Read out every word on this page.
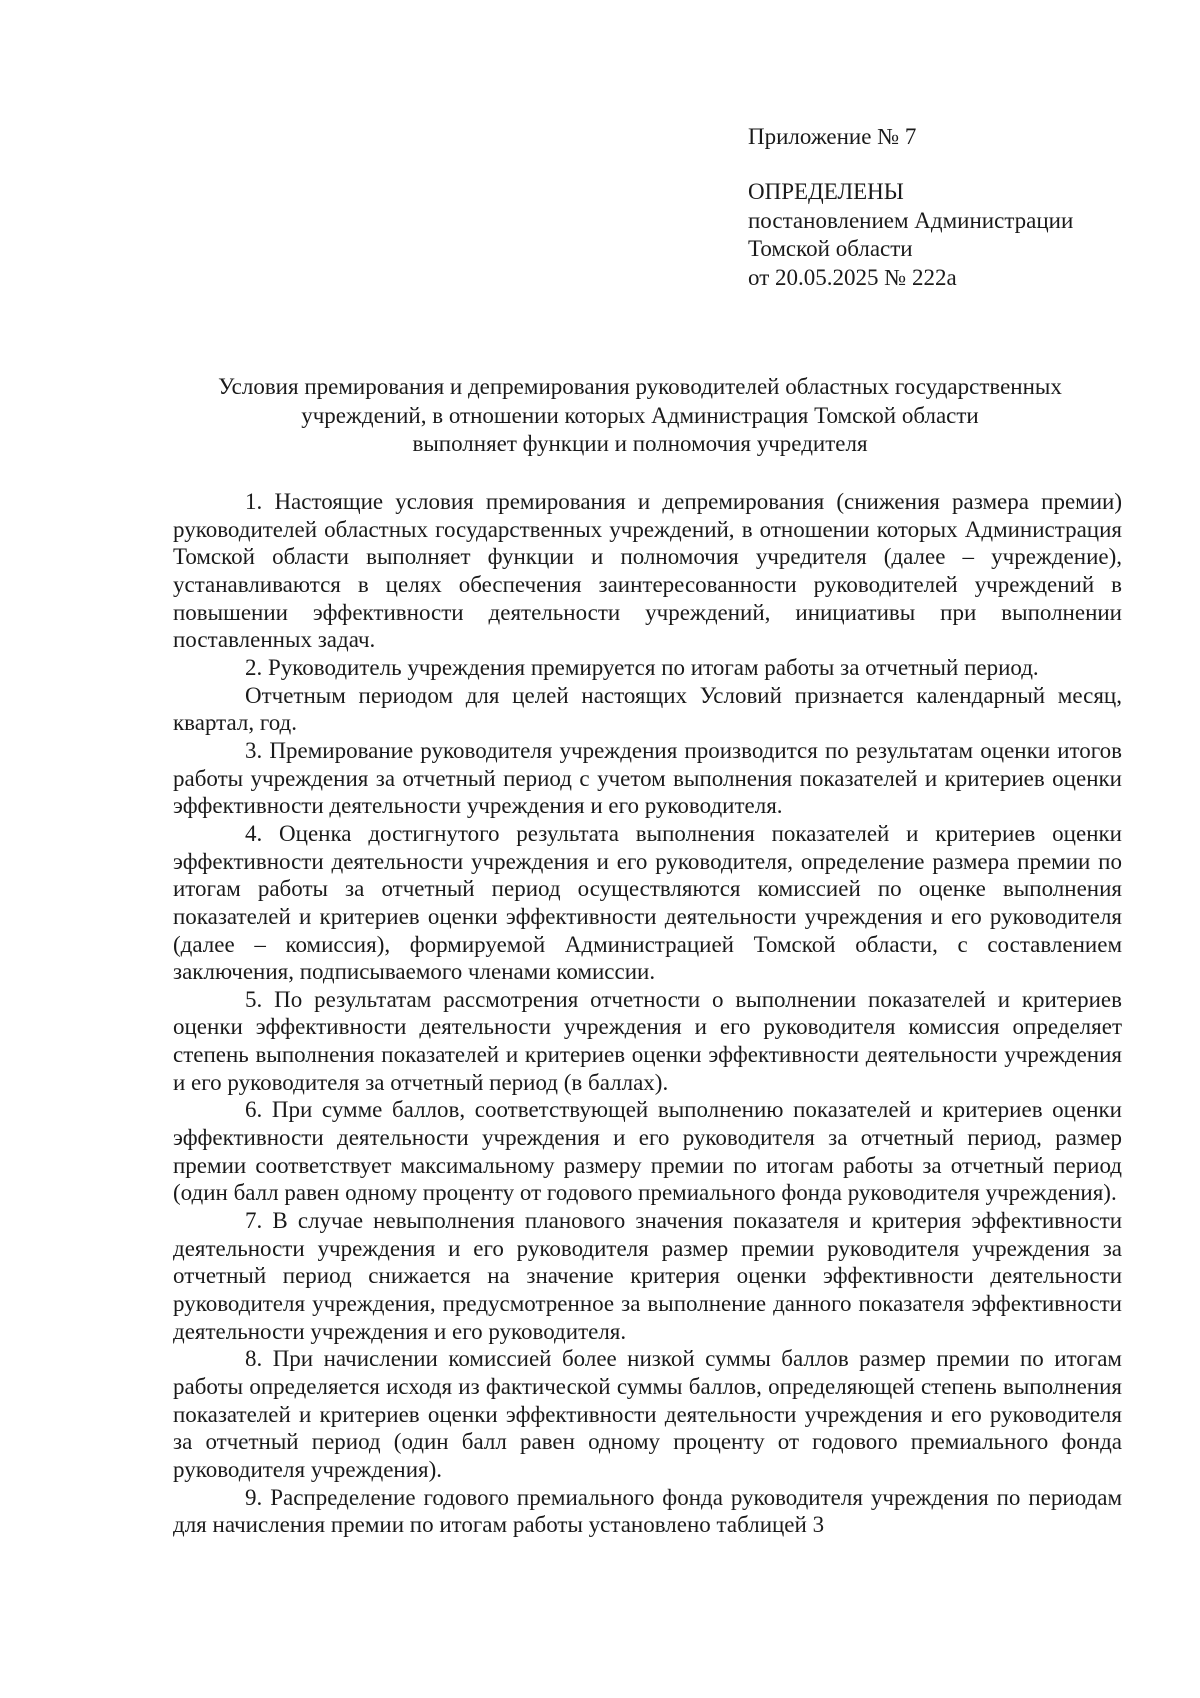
Приложение № 7
ОПРЕДЕЛЕНЫ
постановлением Администрации
Томской области
от 20.05.2025 № 222а
Условия премирования и депремирования руководителей областных государственных
учреждений, в отношении которых Администрация Томской области
выполняет функции и полномочия учредителя

1. Настоящие условия премирования и депремирования (снижения размера премии) руководителей областных государственных учреждений, в отношении которых Администрация Томской области выполняет функции и полномочия учредителя (далее – учреждение), устанавливаются в целях обеспечения заинтересованности руководителей учреждений в повышении эффективности деятельности учреждений, инициативы при выполнении поставленных задач.

2. Руководитель учреждения премируется по итогам работы за отчетный период.

Отчетным периодом для целей настоящих Условий признается календарный месяц, квартал, год.

3. Премирование руководителя учреждения производится по результатам оценки итогов работы учреждения за отчетный период с учетом выполнения показателей и критериев оценки эффективности деятельности учреждения и его руководителя.

4. Оценка достигнутого результата выполнения показателей и критериев оценки эффективности деятельности учреждения и его руководителя, определение размера премии по итогам работы за отчетный период осуществляются комиссией по оценке выполнения показателей и критериев оценки эффективности деятельности учреждения и его руководителя (далее – комиссия), формируемой Администрацией Томской области, с составлением заключения, подписываемого членами комиссии.

5. По результатам рассмотрения отчетности о выполнении показателей и критериев оценки эффективности деятельности учреждения и его руководителя комиссия определяет степень выполнения показателей и критериев оценки эффективности деятельности учреждения и его руководителя за отчетный период (в баллах).

6. При сумме баллов, соответствующей выполнению показателей и критериев оценки эффективности деятельности учреждения и его руководителя за отчетный период, размер премии соответствует максимальному размеру премии по итогам работы за отчетный период (один балл равен одному проценту от годового премиального фонда руководителя учреждения).

7. В случае невыполнения планового значения показателя и критерия эффективности деятельности учреждения и его руководителя размер премии руководителя учреждения за отчетный период снижается на значение критерия оценки эффективности деятельности руководителя учреждения, предусмотренное за выполнение данного показателя эффективности деятельности учреждения и его руководителя.

8. При начислении комиссией более низкой суммы баллов размер премии по итогам работы определяется исходя из фактической суммы баллов, определяющей степень выполнения показателей и критериев оценки эффективности деятельности учреждения и его руководителя за отчетный период (один балл равен одному проценту от годового премиального фонда руководителя учреждения).

9. Распределение годового премиального фонда руководителя учреждения по периодам для начисления премии по итогам работы установлено таблицей 3
